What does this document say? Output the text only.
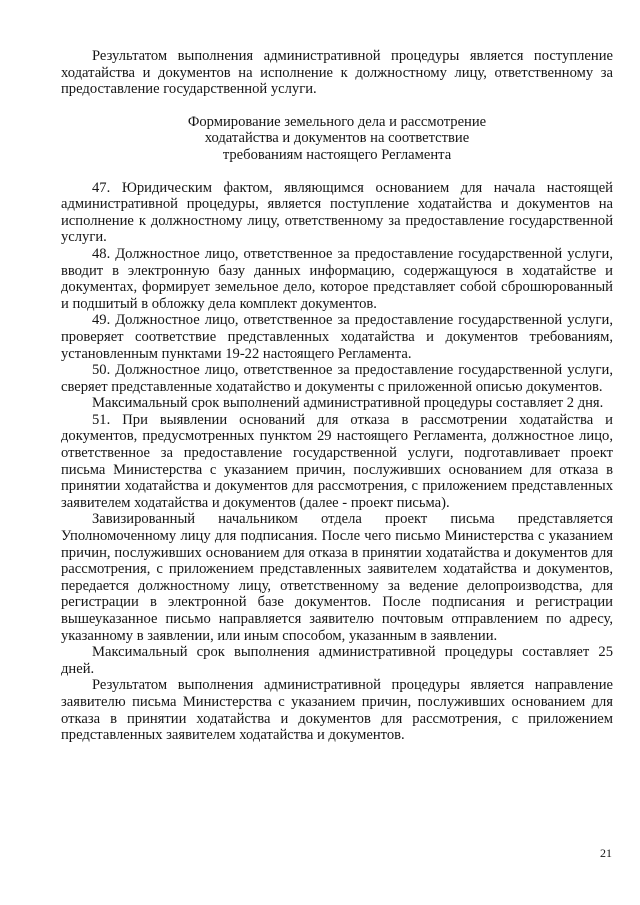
Результатом выполнения административной процедуры является поступление ходатайства и документов на исполнение к должностному лицу, ответственному за предоставление государственной услуги.

Формирование земельного дела и рассмотрение
ходатайства и документов на соответствие
требованиям настоящего Регламента

47. Юридическим фактом, являющимся основанием для начала настоящей административной процедуры, является поступление ходатайства и документов на исполнение к должностному лицу, ответственному за предоставление государственной услуги.

48. Должностное лицо, ответственное за предоставление государственной услуги, вводит в электронную базу данных информацию, содержащуюся в ходатайстве и документах, формирует земельное дело, которое представляет собой сброшюрованный и подшитый в обложку дела комплект документов.

49. Должностное лицо, ответственное за предоставление государственной услуги, проверяет соответствие представленных ходатайства и документов требованиям, установленным пунктами 19-22 настоящего Регламента.

50. Должностное лицо, ответственное за предоставление государственной услуги, сверяет представленные ходатайство и документы с приложенной описью документов.

Максимальный срок выполнений административной процедуры составляет 2 дня.

51. При выявлении оснований для отказа в рассмотрении ходатайства и документов, предусмотренных пунктом 29 настоящего Регламента, должностное лицо, ответственное за предоставление государственной услуги, подготавливает проект письма Министерства с указанием причин, послуживших основанием для отказа в принятии ходатайства и документов для рассмотрения, с приложением представленных заявителем ходатайства и документов (далее - проект письма).

Завизированный начальником отдела проект письма представляется Уполномоченному лицу для подписания. После чего письмо Министерства с указанием причин, послуживших основанием для отказа в принятии ходатайства и документов для рассмотрения, с приложением представленных заявителем ходатайства и документов, передается должностному лицу, ответственному за ведение делопроизводства, для регистрации в электронной базе документов. После подписания и регистрации вышеуказанное письмо направляется заявителю почтовым отправлением по адресу, указанному в заявлении, или иным способом, указанным в заявлении.

Максимальный срок выполнения административной процедуры составляет 25 дней.

Результатом выполнения административной процедуры является направление заявителю письма Министерства с указанием причин, послуживших основанием для отказа в принятии ходатайства и документов для рассмотрения, с приложением представленных заявителем ходатайства и документов.

21
